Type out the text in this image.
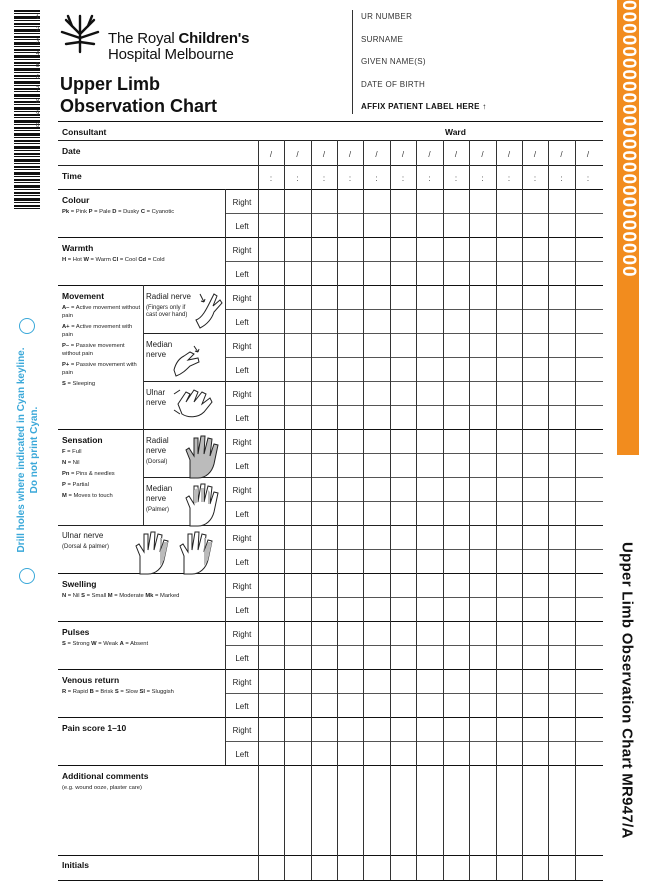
1 2 3 4 5 6 7 8 9 0
Drill holes where indicated in Cyan keyline. Do not print Cyan.
000000000000000000000000
Upper Limb Observation Chart MR947/A
The Royal Children's
Hospital Melbourne
Upper Limb
Observation Chart
UR NUMBER
SURNAME
GIVEN NAME(S)
DATE OF BIRTH
AFFIX PATIENT LABEL HERE ↑
Consultant	Ward
/
:
/
:
/
:
/
:
/
:
/
:
/
:
/
:
/
:
/
:
/
:
/
:
/
:
Right
Left
Right
Left
Right
Left
Right
Left
Right
Left
Right
Left
Right
Left
Right
Left
Right
Left
Right
Left
Right
Left
Right
Left
Date
Time
Colour
Pk = Pink P = Pale D = Dusky C = Cyanotic
Warmth
H = Hot W = Warm Cl = Cool Cd = Cold
Movement
A– = Active movement without pain
A+ = Active movement with pain
P– = Passive movement without pain
P+ = Passive movement with pain
S = Sleeping
Radial nerve
(Fingers only if cast over hand)
Median nerve
Ulnar nerve
Sensation
F = Full
N = Nil
Pn = Pins & needles
P = Partial
M = Moves to touch
Radial nerve
(Dorsal)
Median nerve
(Palmer)
Ulnar nerve
(Dorsal & palmer)
Swelling
N = Nil S = Small M = Moderate Mk = Marked
Pulses
S = Strong W = Weak A = Absent
Venous return
R = Rapid B = Brisk S = Slow Sl = Sluggish
Pain score 1–10
Additional comments
(e.g. wound ooze, plaster care)
Initials
